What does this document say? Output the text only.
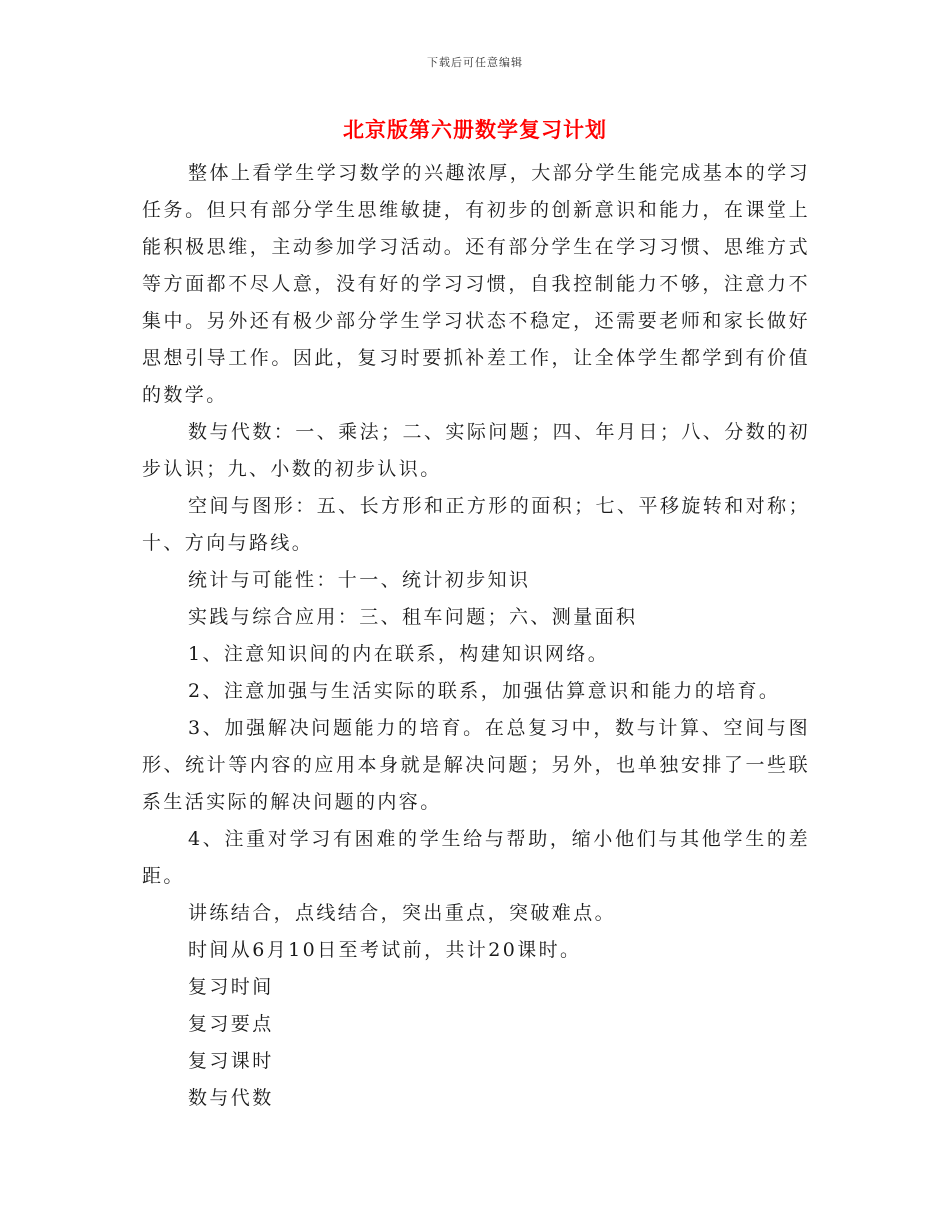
下载后可任意编辑
北京版第六册数学复习计划

整体上看学生学习数学的兴趣浓厚，大部分学生能完成基本的学习任务。但只有部分学生思维敏捷，有初步的创新意识和能力，在课堂上能积极思维，主动参加学习活动。还有部分学生在学习习惯、思维方式等方面都不尽人意，没有好的学习习惯，自我控制能力不够，注意力不集中。另外还有极少部分学生学习状态不稳定，还需要老师和家长做好思想引导工作。因此，复习时要抓补差工作，让全体学生都学到有价值的数学。

数与代数：一、乘法；二、实际问题；四、年月日；八、分数的初步认识；九、小数的初步认识。

空间与图形：五、长方形和正方形的面积；七、平移旋转和对称；十、方向与路线。

统计与可能性：十一、统计初步知识

实践与综合应用：三、租车问题；六、测量面积

1、注意知识间的内在联系，构建知识网络。

2、注意加强与生活实际的联系，加强估算意识和能力的培育。

3、加强解决问题能力的培育。在总复习中，数与计算、空间与图形、统计等内容的应用本身就是解决问题；另外，也单独安排了一些联系生活实际的解决问题的内容。

4、注重对学习有困难的学生给与帮助，缩小他们与其他学生的差距。

讲练结合，点线结合，突出重点，突破难点。

时间从6月10日至考试前，共计20课时。

复习时间

复习要点

复习课时

数与代数
